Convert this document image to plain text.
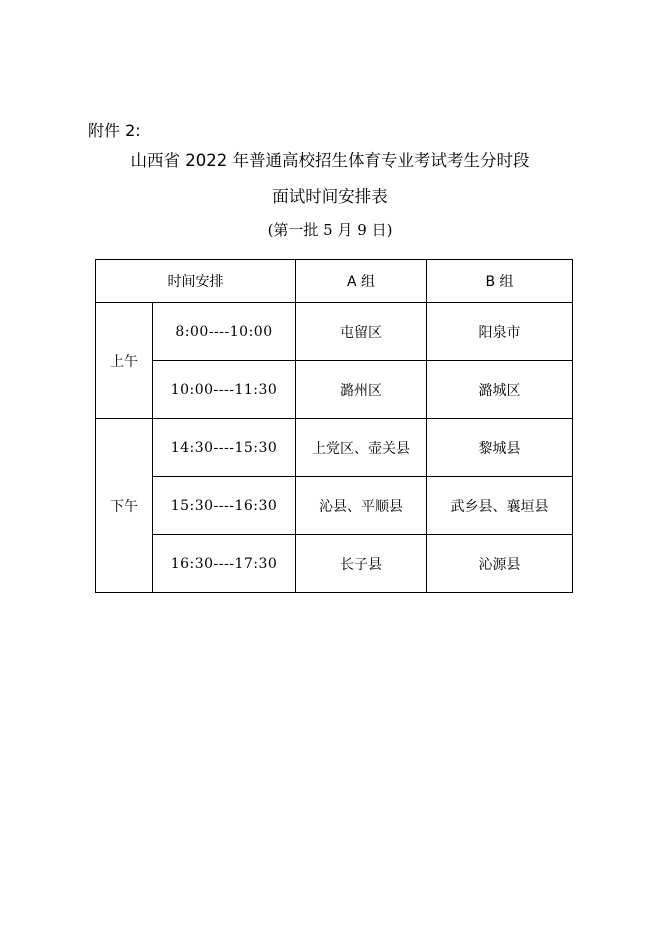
附件 2:
山西省 2022 年普通高校招生体育专业考试考生分时段
面试时间安排表
(第一批 5 月 9 日)
时间安排		A 组	B 组
上午	8:00----10:00	屯留区	阳泉市
	10:00----11:30	潞州区	潞城区
下午	14:30----15:30	上党区、壶关县	黎城县
	15:30----16:30	沁县、平顺县	武乡县、襄垣县
	16:30----17:30	长子县	沁源县
